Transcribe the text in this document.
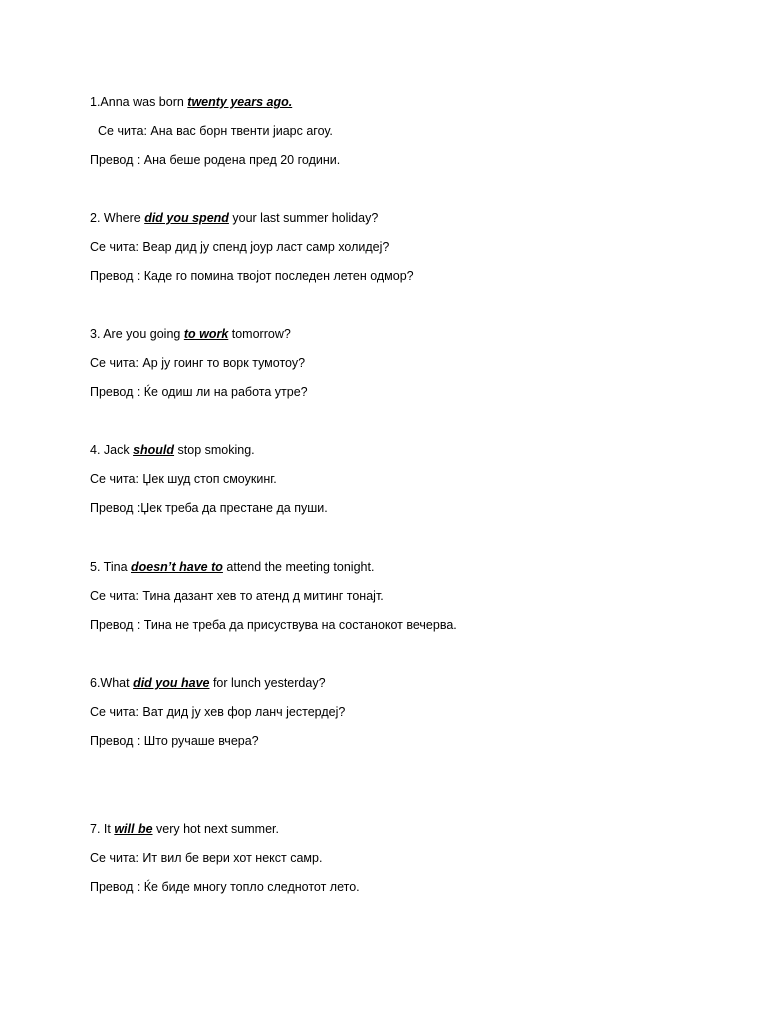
1.Anna was born twenty years ago.
Се чита: Ана вас борн твенти јиарс агоу.
Превод : Ана беше родена пред 20 години.
2. Where did you spend your last summer holiday?
Се чита: Веар дид ју спенд јоур ласт самр холидеј?
Превод : Каде го помина твојот последен летен одмор?
3. Are you going to work tomorrow?
Се чита: Ар ју гоинг то ворк тумотоу?
Превод : Ќе одиш ли на работа утре?
4. Jack should stop smoking.
Се чита: Џек шуд стоп смоукинг.
Превод :Џек треба да престане да пуши.
5. Tina doesn’t have to attend the meeting tonight.
Се чита: Тина дазант хев то атенд д митинг тонајт.
Превод : Тина не треба да присуствува на состанокот вечерва.
6.What did you have for lunch yesterday?
Се чита: Ват дид ју хев фор ланч јестердеј?
Превод : Што ручаше вчера?
7. It will be very hot next summer.
Се чита: Ит вил бе вери хот некст самр.
Превод : Ќе биде многу топло следнотот лето.
